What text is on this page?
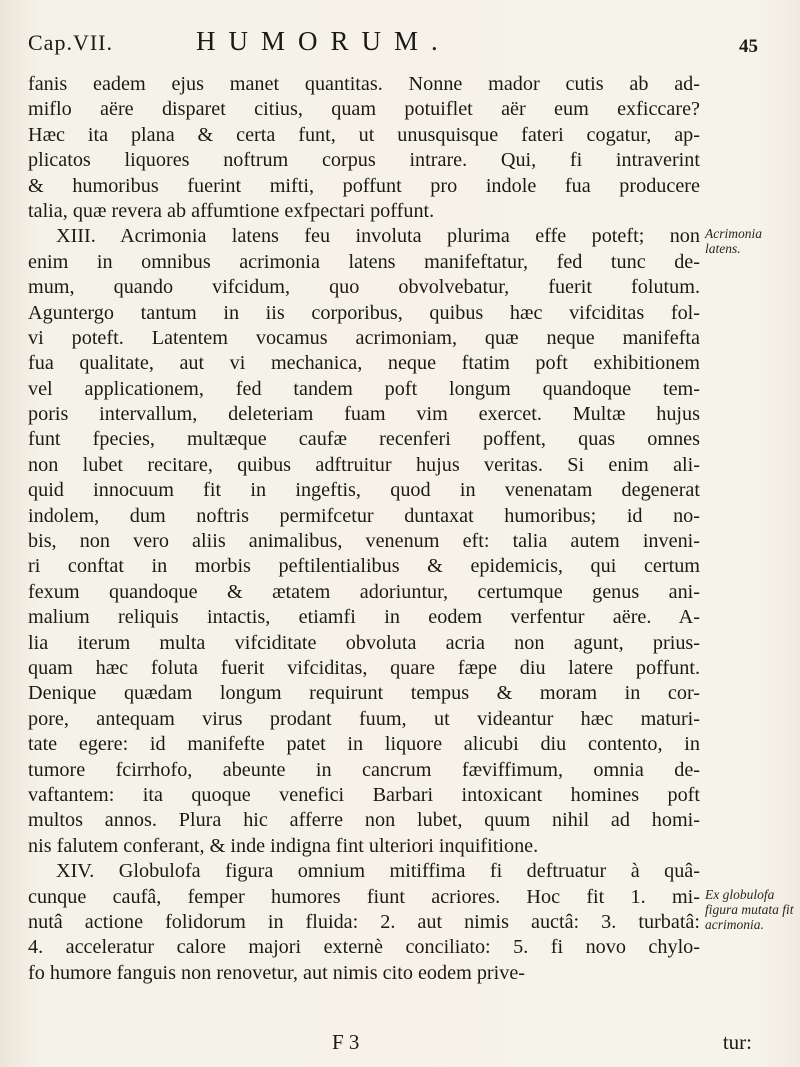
Cap.VII.	HUMORUM.	45
fanis eadem ejus manet quantitas. Nonne mador cutis ab ad-
miflo aëre disparet citius, quam potuiflet aër eum exficcare?
Hæc ita plana & certa funt, ut unusquisque fateri cogatur, ap-
plicatos liquores noftrum corpus intrare. Qui, fi intraverint
& humoribus fuerint mifti, poffunt pro indole fua producere
talia, quæ revera ab affumtione exfpectari poffunt.
XIII. Acrimonia latens feu involuta plurima effe poteft; non
enim in omnibus acrimonia latens manifeftatur, fed tunc de-
mum, quando vifcidum, quo obvolvebatur, fuerit folutum.
Aguntergo tantum in iis corporibus, quibus hæc vifciditas fol-
vi poteft. Latentem vocamus acrimoniam, quæ neque manifefta
fua qualitate, aut vi mechanica, neque ftatim poft exhibitionem
vel applicationem, fed tandem poft longum quandoque tem-
poris intervallum, deleteriam fuam vim exercet. Multæ hujus
funt fpecies, multæque caufæ recenferi poffent, quas omnes
non lubet recitare, quibus adftruitur hujus veritas. Si enim ali-
quid innocuum fit in ingeftis, quod in venenatam degenerat
indolem, dum noftris permifcetur duntaxat humoribus; id no-
bis, non vero aliis animalibus, venenum eft: talia autem inveni-
ri conftat in morbis peftilentialibus & epidemicis, qui certum
fexum quandoque & ætatem adoriuntur, certumque genus ani-
malium reliquis intactis, etiamfi in eodem verfentur aëre. A-
lia iterum multa vifciditate obvoluta acria non agunt, prius-
quam hæc foluta fuerit vifciditas, quare fæpe diu latere poffunt.
Denique quædam longum requirunt tempus & moram in cor-
pore, antequam virus prodant fuum, ut videantur hæc maturi-
tate egere: id manifefte patet in liquore alicubi diu contento, in
tumore fcirrhofo, abeunte in cancrum fæviffimum, omnia de-
vaftantem: ita quoque venefici Barbari intoxicant homines poft
multos annos. Plura hic afferre non lubet, quum nihil ad homi-
nis falutem conferant, & inde indigna fint ulteriori inquifitione.
XIV. Globulofa figura omnium mitiffima fi deftruatur à quâ-
cunque caufâ, femper humores fiunt acriores. Hoc fit 1. mi-
nutâ actione folidorum in fluida: 2. aut nimis auctâ: 3. turbatâ:
4. acceleratur calore majori externè conciliato: 5. fi novo chylo-
fo humore fanguis non renovetur, aut nimis cito eodem prive-
Acrimonia latens.
Ex globulofa figura mutata fit acrimonia.
F 3	tur:
